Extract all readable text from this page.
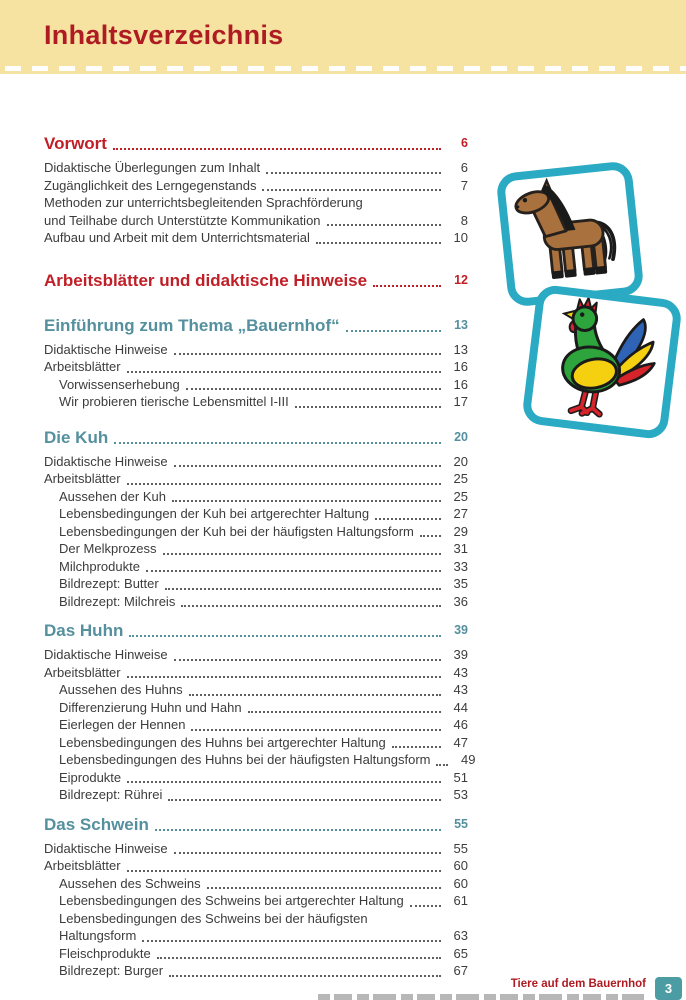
Inhaltsverzeichnis
Vorwort	6
Didaktische Überlegungen zum Inhalt	6
Zugänglichkeit des Lerngegenstands	7
Methoden zur unterrichtsbegleitenden Sprachförderung
und Teilhabe durch Unterstützte Kommunikation	8
Aufbau und Arbeit mit dem Unterrichtsmaterial	10
Arbeitsblätter und didaktische Hinweise	12
Einführung zum Thema „Bauernhof“	13
Didaktische Hinweise	13
Arbeitsblätter	16
Vorwissenserhebung	16
Wir probieren tierische Lebensmittel I-III	17
Die Kuh	20
Didaktische Hinweise	20
Arbeitsblätter	25
Aussehen der Kuh	25
Lebensbedingungen der Kuh bei artgerechter Haltung	27
Lebensbedingungen der Kuh bei der häufigsten Haltungsform	29
Der Melkprozess	31
Milchprodukte	33
Bildrezept: Butter	35
Bildrezept: Milchreis	36
Das Huhn	39
Didaktische Hinweise	39
Arbeitsblätter	43
Aussehen des Huhns	43
Differenzierung Huhn und Hahn	44
Eierlegen der Hennen	46
Lebensbedingungen des Huhns bei artgerechter Haltung	47
Lebensbedingungen des Huhns bei der häufigsten Haltungsform	49
Eiprodukte	51
Bildrezept: Rührei	53
Das Schwein	55
Didaktische Hinweise	55
Arbeitsblätter	60
Aussehen des Schweins	60
Lebensbedingungen des Schweins bei artgerechter Haltung	61
Lebensbedingungen des Schweins bei der häufigsten
Haltungsform	63
Fleischprodukte	65
Bildrezept: Burger	67
Tiere auf dem Bauernhof	3
